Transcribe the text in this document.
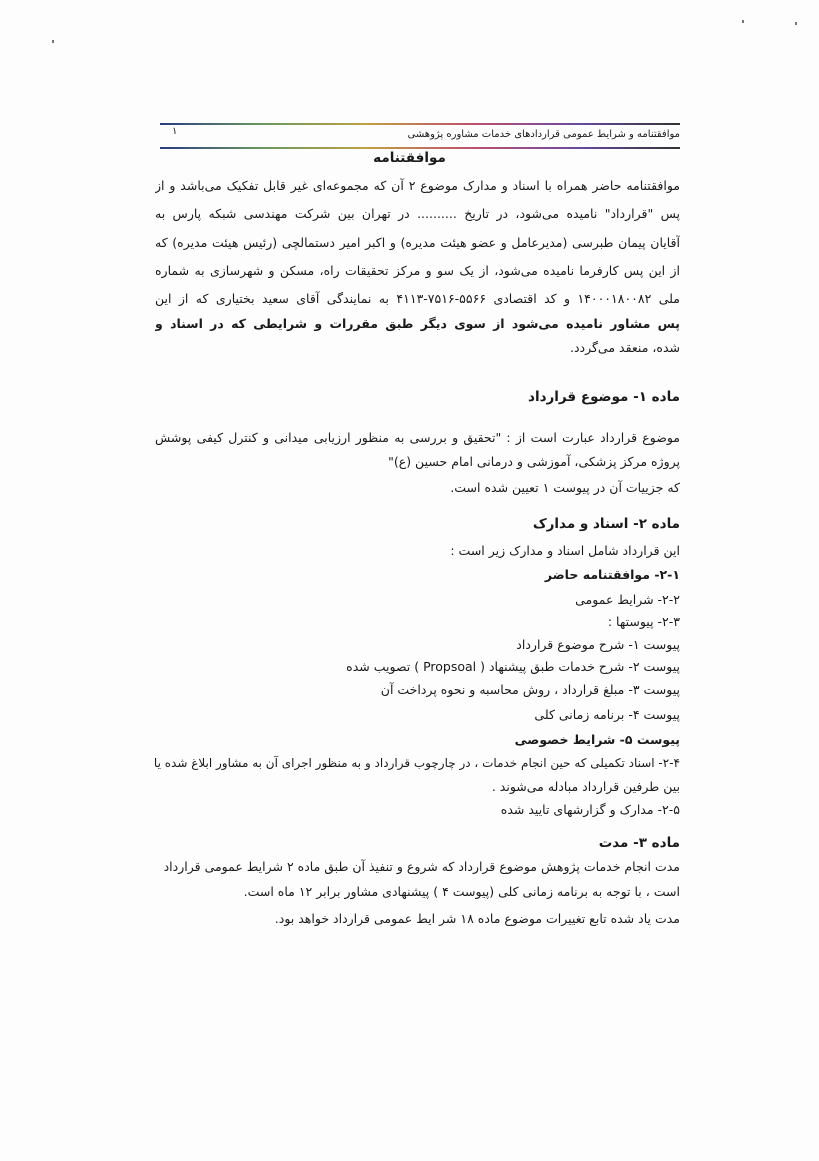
۱	موافقتنامه و شرایط عمومی قراردادهای خدمات مشاوره پژوهشی
موافقتنامه
موافقتنامه حاضر همراه با اسناد و مدارک موضوع ۲ آن که مجموعه‌ای غیر قابل تفکیک می‌باشد و از
پس "قرارداد" نامیده می‌شود، در تاریخ .......... در تهران بین شرکت مهندسی شبکه پارس به
آقایان پیمان طبرسی (مدیرعامل و عضو هیئت مدیره) و اکبر امیر دستمالچی (رئیس هیئت مدیره) که
از این پس کارفرما نامیده می‌شود، از یک سو و مرکز تحقیقات راه، مسکن و شهرسازی به شماره
ملی ۱۴۰۰۰۱۸۰۰۸۲ و کد اقتصادی ۵۵۶۶-۷۵۱۶-۴۱۱۳ به نمایندگی آقای سعید بختیاری که از این
پس مشاور نامیده می‌شود از سوی دیگر طبق مقررات و شرایطی که در اسناد و
شده، منعقد می‌گردد.
ماده ۱- موضوع قرارداد
موضوع قرارداد عبارت است از : "تحقیق و بررسی به منظور ارزیابی میدانی و کنترل کیفی پوشش
پروژه مرکز پزشکی، آموزشی و درمانی امام حسین (ع)"
که جزییات آن در پیوست ۱ تعیین شده است.
ماده ۲- اسناد و مدارک
این قرارداد شامل اسناد و مدارک زیر است :
۲-۱- موافقتنامه حاضر
۲-۲- شرایط عمومی
۲-۳- پیوستها :
پیوست ۱- شرح موضوع قرارداد
پیوست ۲- شرح خدمات طبق پیشنهاد ( Propsoal ) تصویب شده
پیوست ۳- مبلغ قرارداد ، روش محاسبه و نحوه پرداخت آن
پیوست ۴- برنامه زمانی کلی
پیوست ۵- شرایط خصوصی
۲-۴- اسناد تکمیلی که حین انجام خدمات ، در چارچوب قرارداد و به منظور اجرای آن به مشاور ابلاغ شده یا
بین طرفین قرارداد مبادله می‌شوند .
۲-۵- مدارک و گزارشهای تایید شده
ماده ۳- مدت
مدت انجام خدمات پژوهش موضوع قرارداد که شروع و تنفیذ آن طبق ماده ۲ شرایط عمومی قرارداد
است ، با توجه به برنامه زمانی کلی (پیوست ۴ ) پیشنهادی مشاور برابر ۱۲ ماه است.
مدت یاد شده تابع تغییرات موضوع ماده ۱۸ شر ایط عمومی قرارداد خواهد بود.
